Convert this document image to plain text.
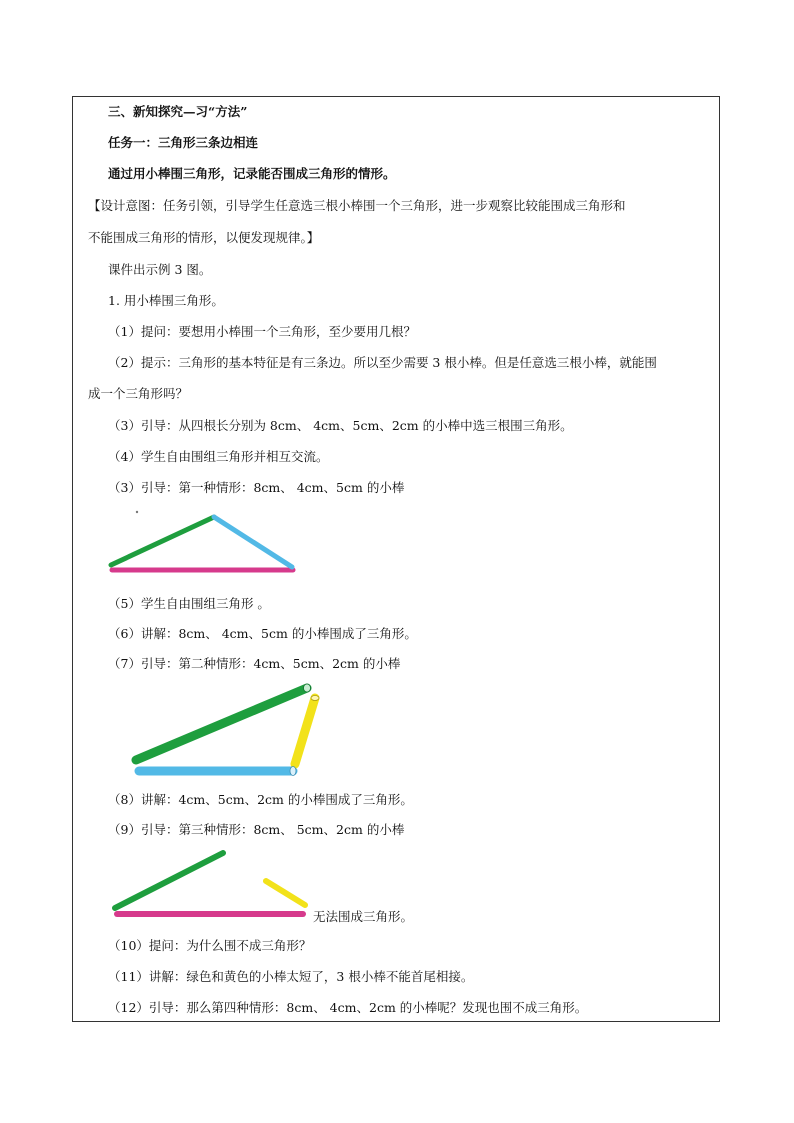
三、新知探究—习“方法”
任务一：三角形三条边相连
通过用小棒围三角形，记录能否围成三角形的情形。
【设计意图：任务引领，引导学生任意选三根小棒围一个三角形，进一步观察比较能围成三角形和
不能围成三角形的情形，以便发现规律。】
课件出示例 3 图。
1. 用小棒围三角形。
（1）提问：要想用小棒围一个三角形，至少要用几根？
（2）提示：三角形的基本特征是有三条边。所以至少需要 3 根小棒。但是任意选三根小棒，就能围
成一个三角形吗？
（3）引导：从四根长分别为 8cm、 4cm、5cm、2cm 的小棒中选三根围三角形。
（4）学生自由围组三角形并相互交流。
（3）引导：第一种情形：8cm、 4cm、5cm 的小棒
（5）学生自由围组三角形 。
（6）讲解：8cm、 4cm、5cm 的小棒围成了三角形。
（7）引导：第二种情形：4cm、5cm、2cm 的小棒
（8）讲解：4cm、5cm、2cm 的小棒围成了三角形。
（9）引导：第三种情形：8cm、 5cm、2cm 的小棒
无法围成三角形。
（10）提问：为什么围不成三角形？
（11）讲解：绿色和黄色的小棒太短了，3 根小棒不能首尾相接。
（12）引导：那么第四种情形：8cm、 4cm、2cm 的小棒呢？发现也围不成三角形。
